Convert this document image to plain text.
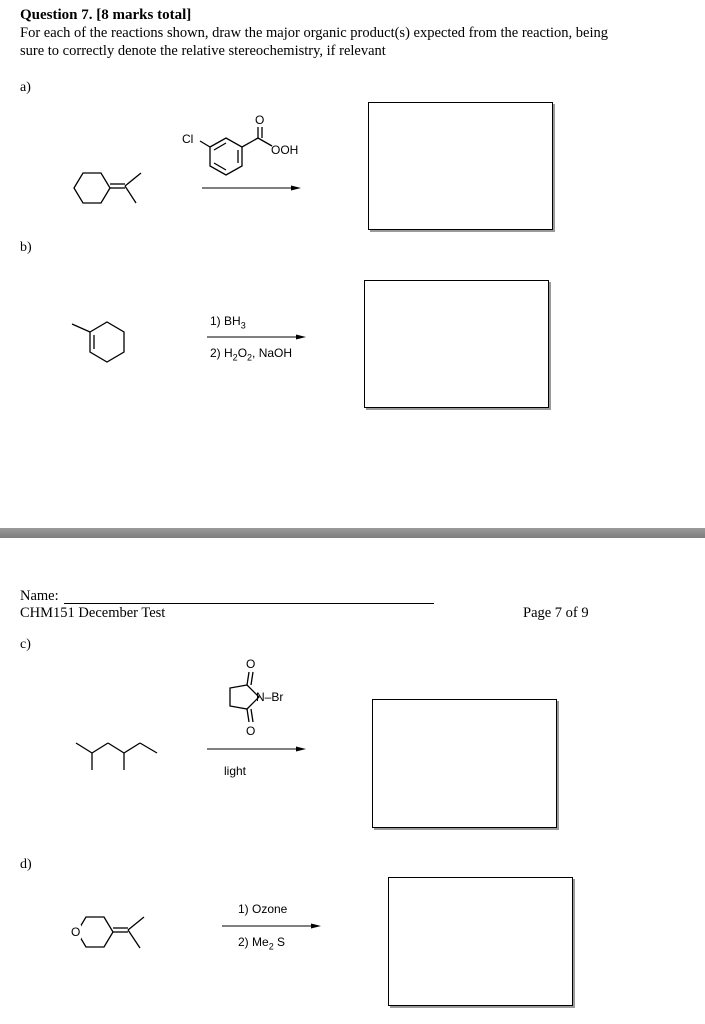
Question 7. [8 marks total]
For each of the reactions shown, draw the major organic product(s) expected from the reaction, being
sure to correctly denote the relative stereochemistry, if relevant
a)
Cl
O
OOH
b)
1) $BH_3$
2) $H_2O_2$, NaOH
Name:
CHM151 December Test	Page 7 of 9
c)
O
N–Br
O
light
d)
O
1) Ozone
2) $Me_2$ S
